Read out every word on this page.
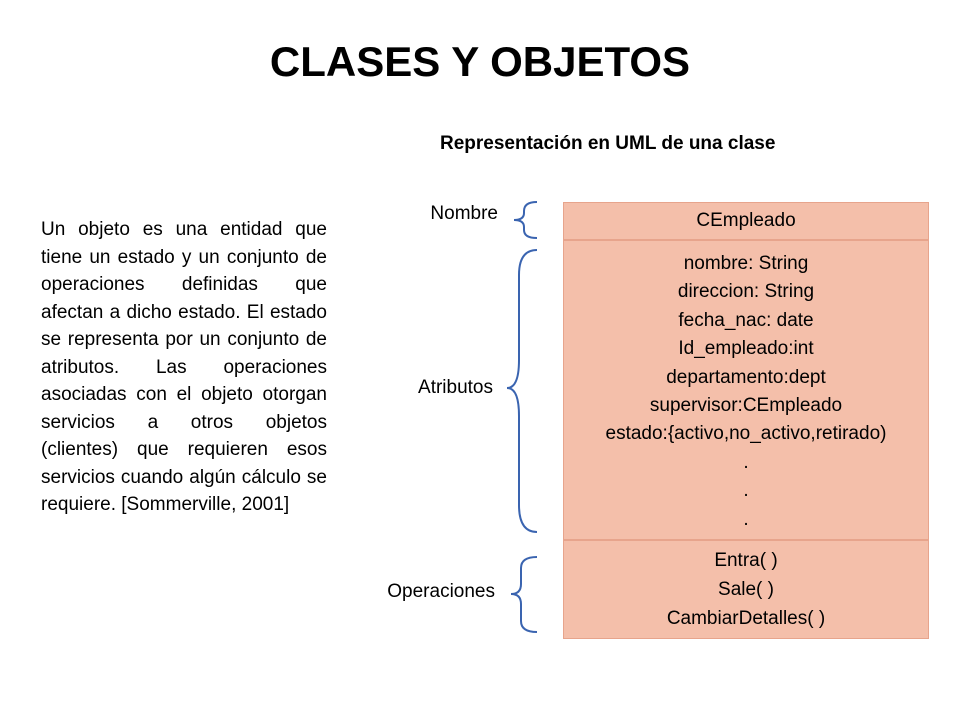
CLASES Y OBJETOS
Representación en UML de una clase
Un objeto es una entidad que tiene un estado y un conjunto de operaciones definidas que afectan a dicho estado. El estado se representa por un conjunto de atributos. Las operaciones asociadas con el objeto otorgan servicios a otros objetos (clientes) que requieren esos servicios cuando algún cálculo se requiere. [Sommerville, 2001]
Nombre
Atributos
Operaciones
CEmpleado
nombre: String
direccion: String
fecha_nac: date
Id_empleado:int
departamento:dept
supervisor:CEmpleado
estado:{activo,no_activo,retirado)
.
.
.
Entra( )
Sale( )
CambiarDetalles( )
